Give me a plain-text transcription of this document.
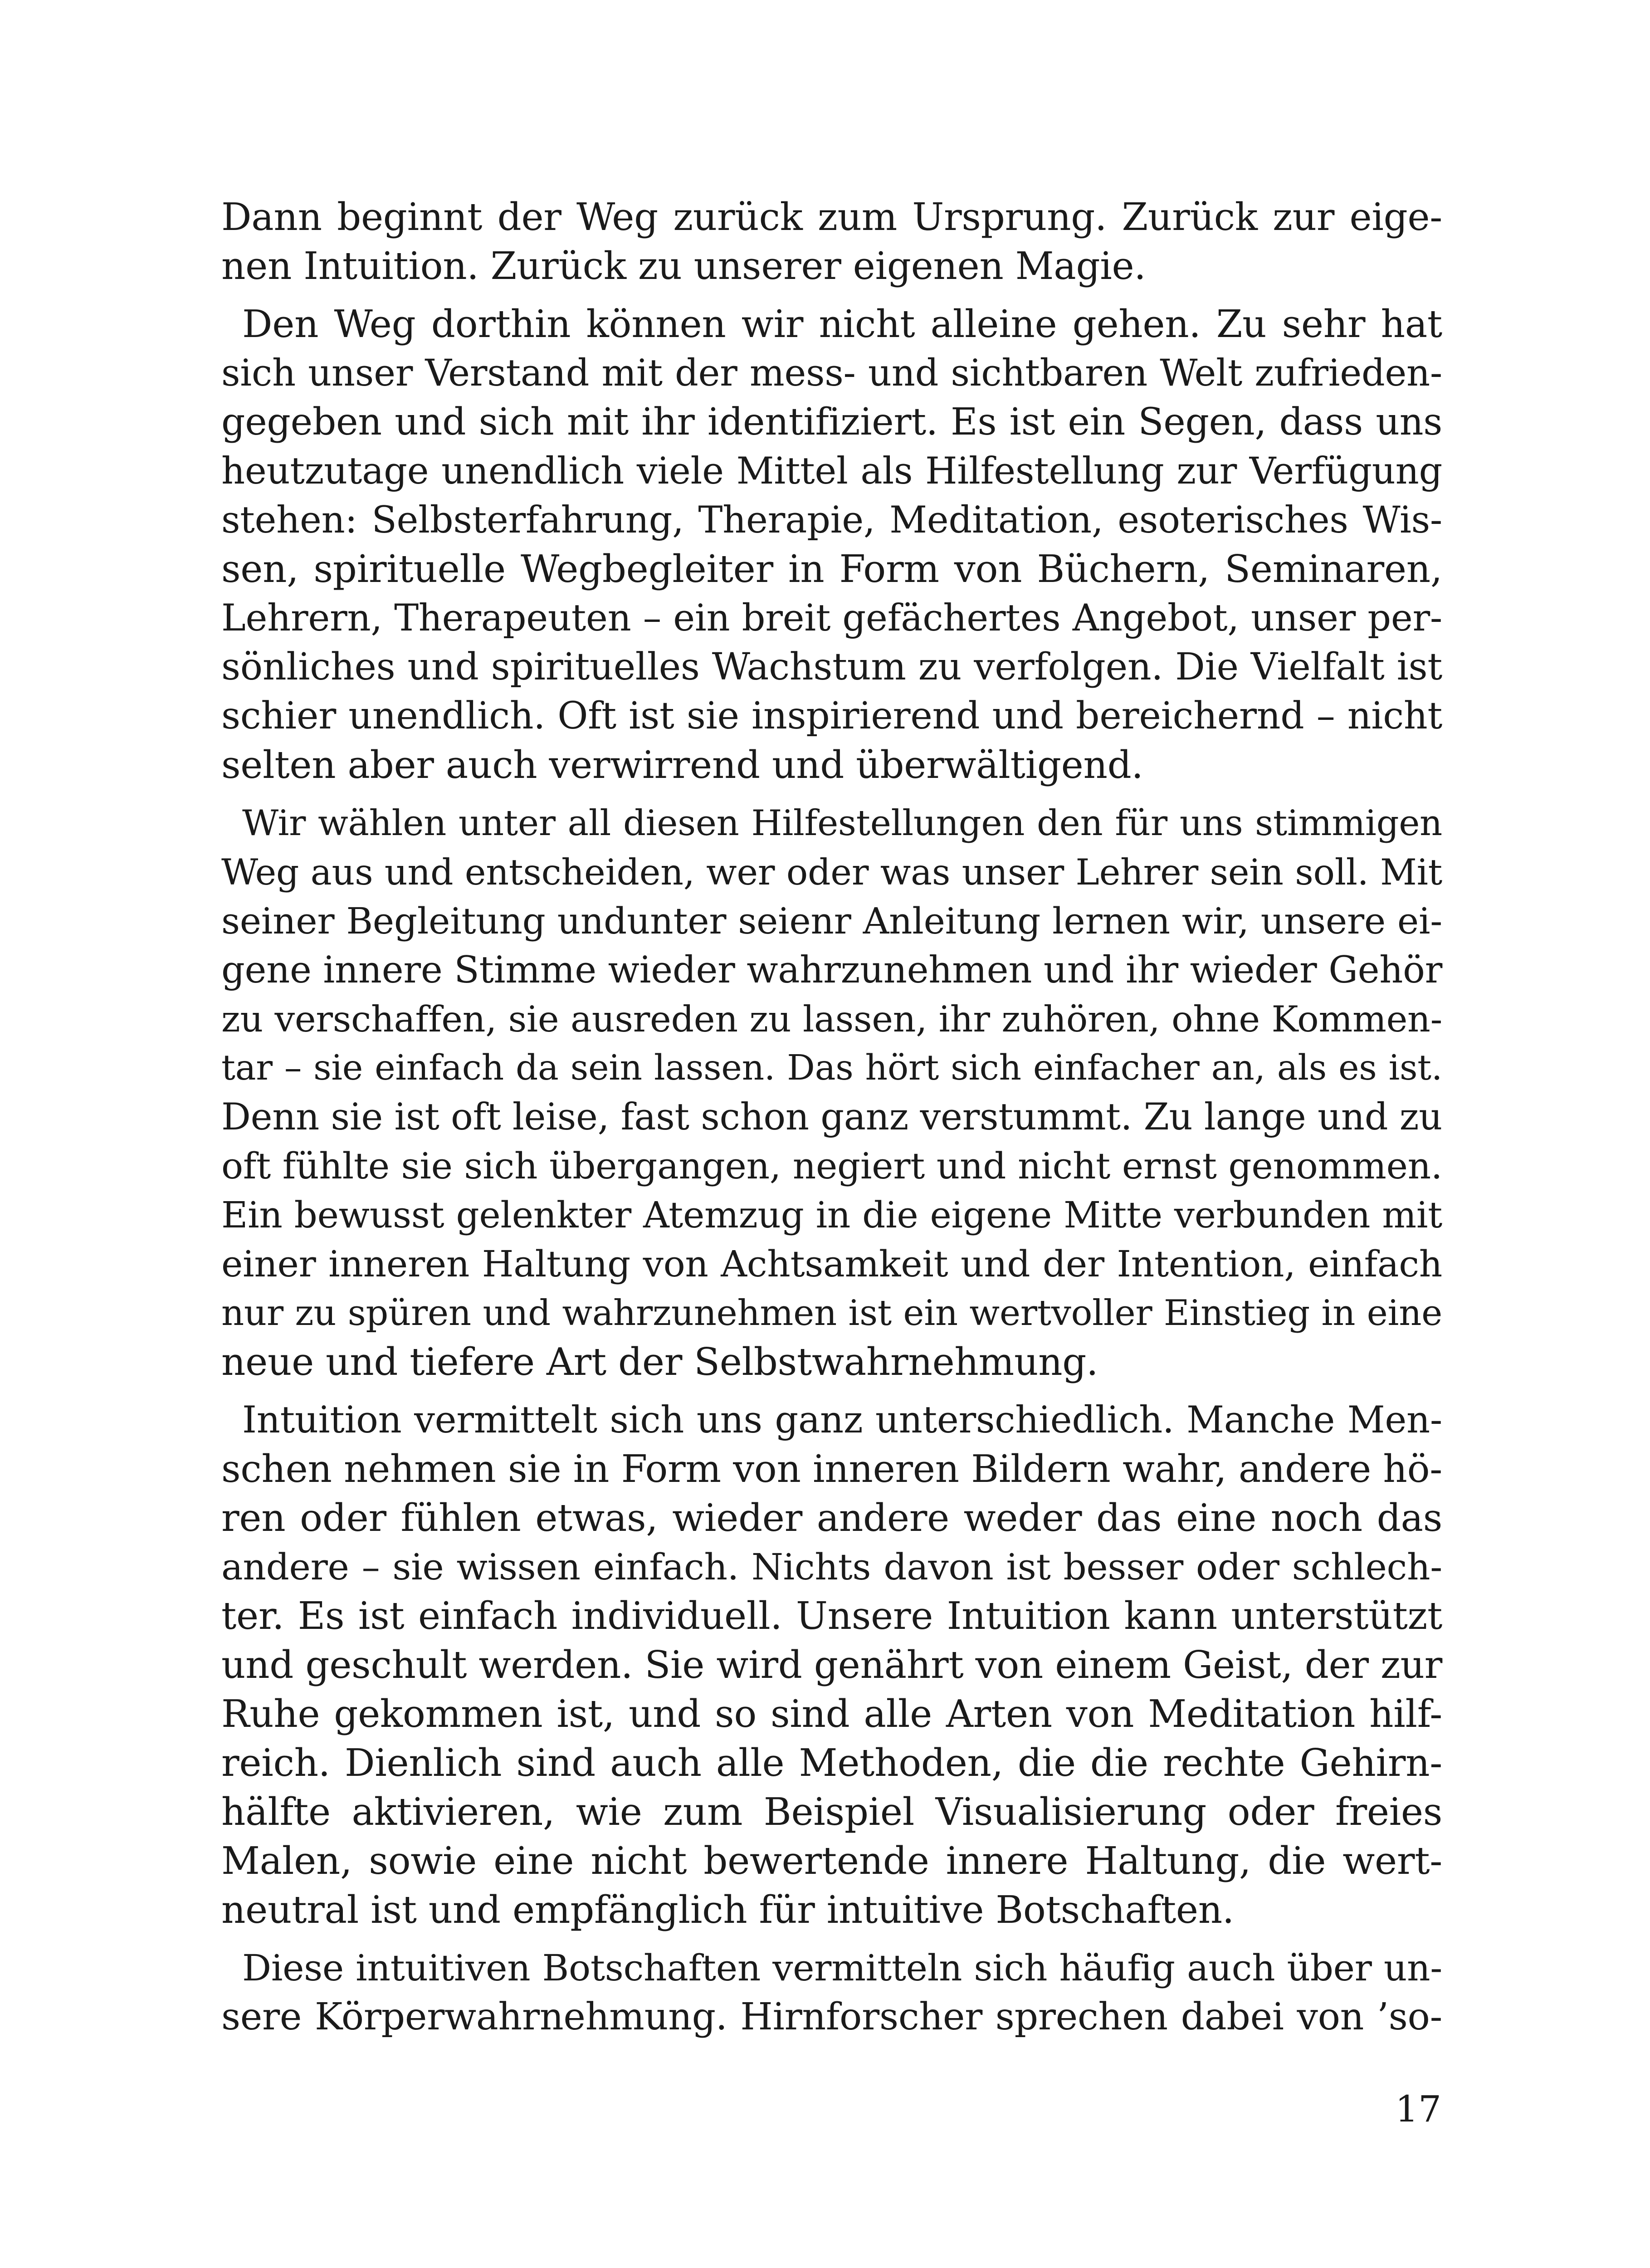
Dann beginnt der Weg zurück zum Ursprung. Zurück zur eige-
nen Intuition. Zurück zu unserer eigenen Magie.
Den Weg dorthin können wir nicht alleine gehen. Zu sehr hat
sich unser Verstand mit der mess- und sichtbaren Welt zufrieden-
gegeben und sich mit ihr identifiziert. Es ist ein Segen, dass uns
heutzutage unendlich viele Mittel als Hilfestellung zur Verfügung
stehen: Selbsterfahrung, Therapie, Meditation, esoterisches Wis-
sen, spirituelle Wegbegleiter in Form von Büchern, Seminaren,
Lehrern, Therapeuten – ein breit gefächertes Angebot, unser per-
sönliches und spirituelles Wachstum zu verfolgen. Die Vielfalt ist
schier unendlich. Oft ist sie inspirierend und bereichernd – nicht
selten aber auch verwirrend und überwältigend.
Wir wählen unter all diesen Hilfestellungen den für uns stimmigen
Weg aus und entscheiden, wer oder was unser Lehrer sein soll. Mit
seiner Begleitung undunter seienr Anleitung lernen wir, unsere ei-
gene innere Stimme wieder wahrzunehmen und ihr wieder Gehör
zu verschaffen, sie ausreden zu lassen, ihr zuhören, ohne Kommen-
tar – sie einfach da sein lassen. Das hört sich einfacher an, als es ist.
Denn sie ist oft leise, fast schon ganz verstummt. Zu lange und zu
oft fühlte sie sich übergangen, negiert und nicht ernst genommen.
Ein bewusst gelenkter Atemzug in die eigene Mitte verbunden mit
einer inneren Haltung von Achtsamkeit und der Intention, einfach
nur zu spüren und wahrzunehmen ist ein wertvoller Einstieg in eine
neue und tiefere Art der Selbstwahrnehmung.
Intuition vermittelt sich uns ganz unterschiedlich. Manche Men-
schen nehmen sie in Form von inneren Bildern wahr, andere hö-
ren oder fühlen etwas, wieder andere weder das eine noch das
andere – sie wissen einfach. Nichts davon ist besser oder schlech-
ter. Es ist einfach individuell. Unsere Intuition kann unterstützt
und geschult werden. Sie wird genährt von einem Geist, der zur
Ruhe gekommen ist, und so sind alle Arten von Meditation hilf-
reich. Dienlich sind auch alle Methoden, die die rechte Gehirn-
hälfte aktivieren, wie zum Beispiel Visualisierung oder freies
Malen, sowie eine nicht bewertende innere Haltung, die wert-
neutral ist und empfänglich für intuitive Botschaften.
Diese intuitiven Botschaften vermitteln sich häufig auch über un-
sere Körperwahrnehmung. Hirnforscher sprechen dabei von ’so-
17
